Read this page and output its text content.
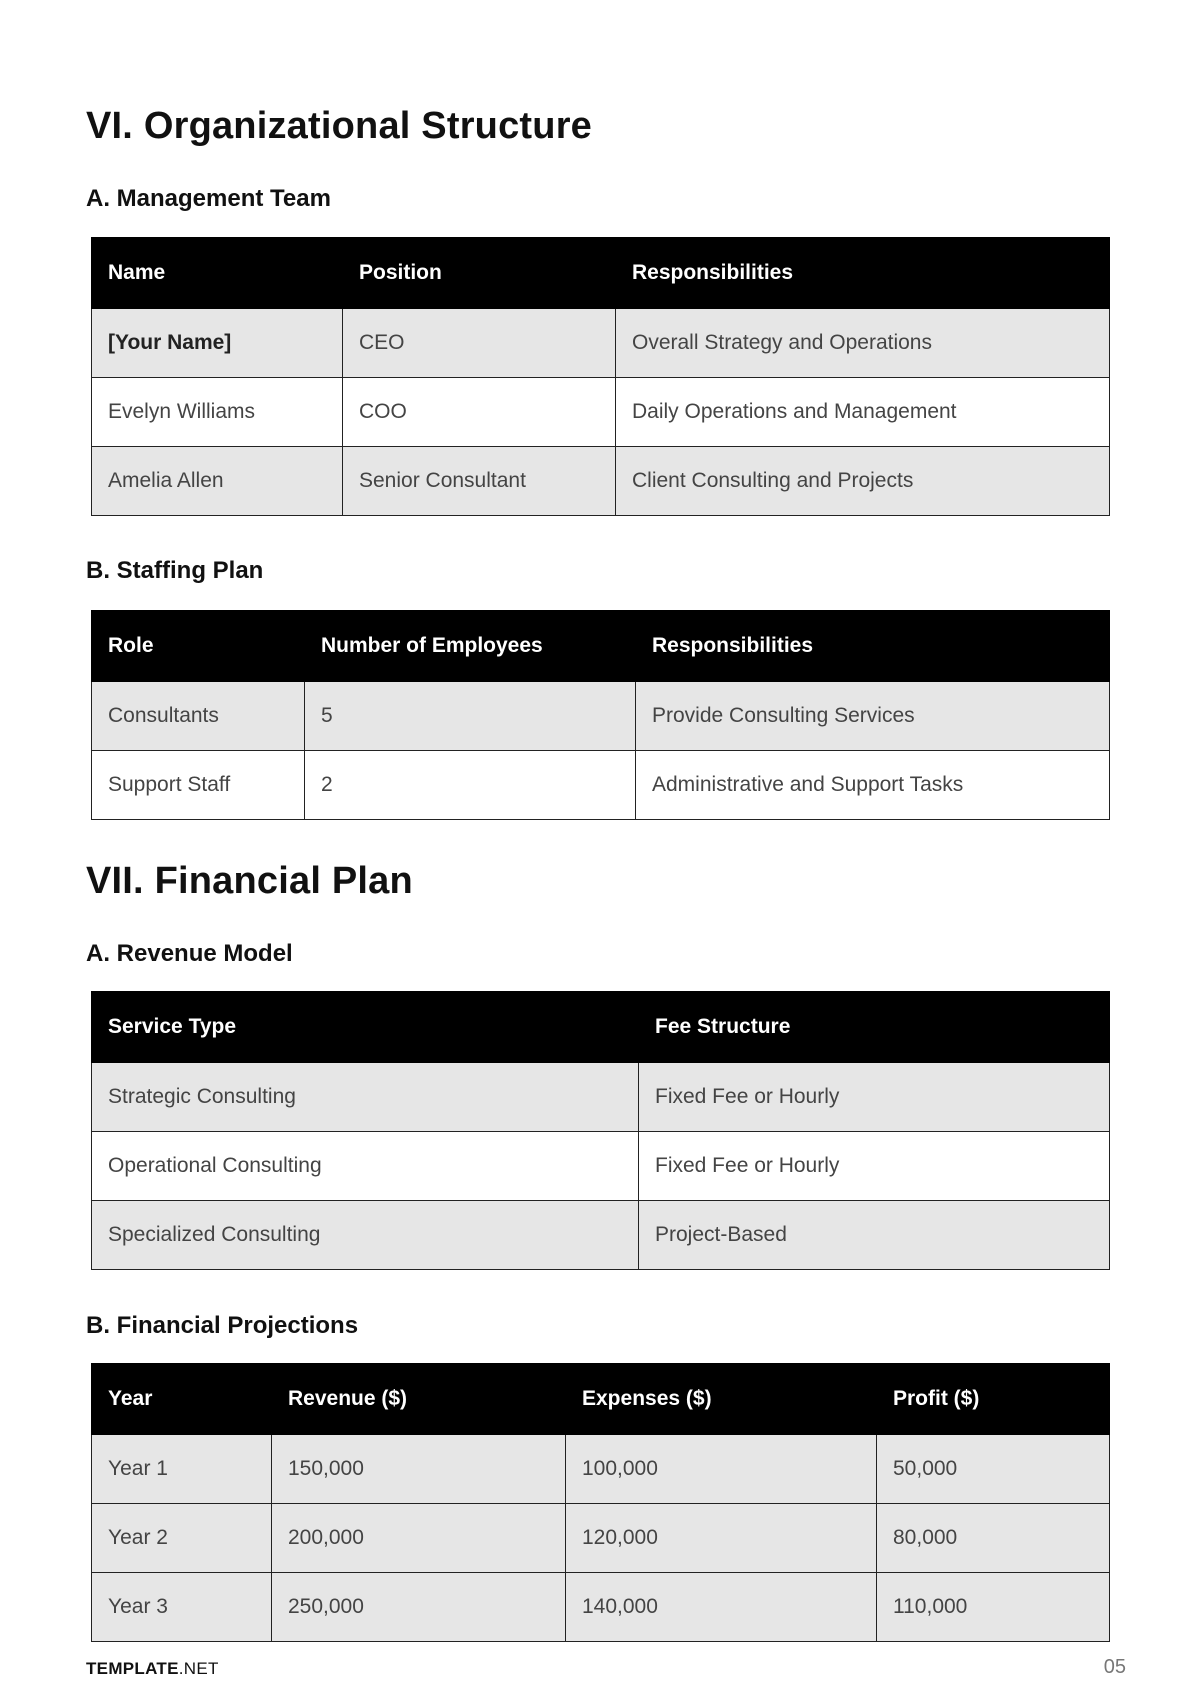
VI. Organizational Structure
A. Management Team
Name	Position	Responsibilities
[Your Name]	CEO	Overall Strategy and Operations
Evelyn Williams	COO	Daily Operations and Management
Amelia Allen	Senior Consultant	Client Consulting and Projects
B. Staffing Plan
Role	Number of Employees	Responsibilities
Consultants	5	Provide Consulting Services
Support Staff	2	Administrative and Support Tasks
VII. Financial Plan
A. Revenue Model
Service Type	Fee Structure
Strategic Consulting	Fixed Fee or Hourly
Operational Consulting	Fixed Fee or Hourly
Specialized Consulting	Project-Based
B. Financial Projections
Year	Revenue ($)	Expenses ($)	Profit ($)
Year 1	150,000	100,000	50,000
Year 2	200,000	120,000	80,000
Year 3	250,000	140,000	110,000
TEMPLATE.NET	05
